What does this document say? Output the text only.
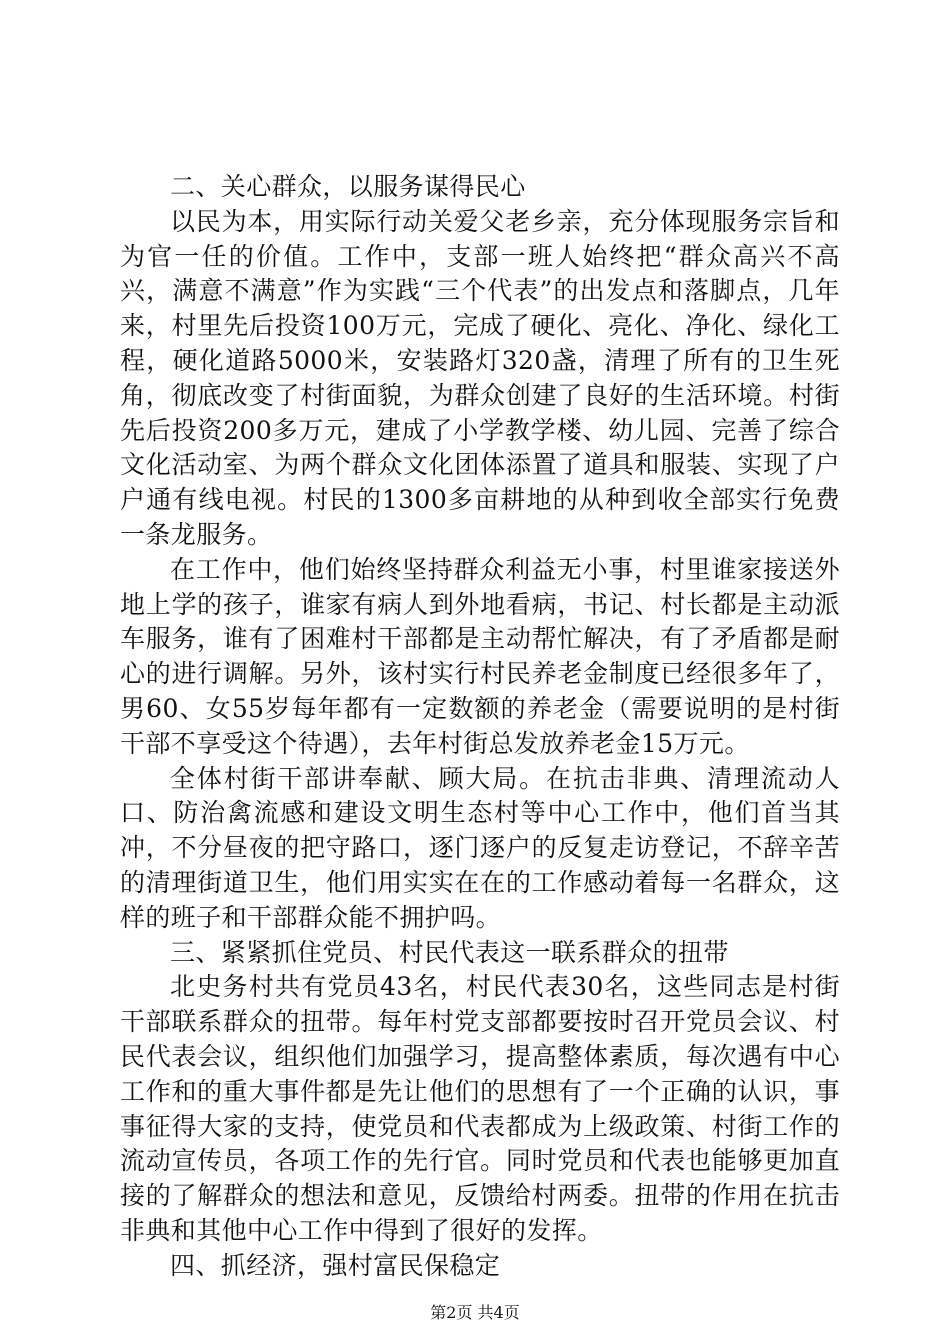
二、关心群众，以服务谋得民心

以民为本，用实际行动关爱父老乡亲，充分体现服务宗旨和为官一任的价值。工作中，支部一班人始终把“群众高兴不高兴，满意不满意”作为实践“三个代表”的出发点和落脚点，几年来，村里先后投资100万元，完成了硬化、亮化、净化、绿化工程，硬化道路5000米，安装路灯320盏，清理了所有的卫生死角，彻底改变了村街面貌，为群众创建了良好的生活环境。村街先后投资200多万元，建成了小学教学楼、幼儿园、完善了综合文化活动室、为两个群众文化团体添置了道具和服装、实现了户户通有线电视。村民的1300多亩耕地的从种到收全部实行免费一条龙服务。

在工作中，他们始终坚持群众利益无小事，村里谁家接送外地上学的孩子，谁家有病人到外地看病，书记、村长都是主动派车服务，谁有了困难村干部都是主动帮忙解决，有了矛盾都是耐心的进行调解。另外，该村实行村民养老金制度已经很多年了，男60、女55岁每年都有一定数额的养老金（需要说明的是村街干部不享受这个待遇），去年村街总发放养老金15万元。

全体村街干部讲奉献、顾大局。在抗击非典、清理流动人口、防治禽流感和建设文明生态村等中心工作中，他们首当其冲，不分昼夜的把守路口，逐门逐户的反复走访登记，不辞辛苦的清理街道卫生，他们用实实在在的工作感动着每一名群众，这样的班子和干部群众能不拥护吗。

三、紧紧抓住党员、村民代表这一联系群众的扭带

北史务村共有党员43名，村民代表30名，这些同志是村街干部联系群众的扭带。每年村党支部都要按时召开党员会议、村民代表会议，组织他们加强学习，提高整体素质，每次遇有中心工作和的重大事件都是先让他们的思想有了一个正确的认识，事事征得大家的支持，使党员和代表都成为上级政策、村街工作的流动宣传员，各项工作的先行官。同时党员和代表也能够更加直接的了解群众的想法和意见，反馈给村两委。扭带的作用在抗击非典和其他中心工作中得到了很好的发挥。

四、抓经济，强村富民保稳定

第2页 共4页
